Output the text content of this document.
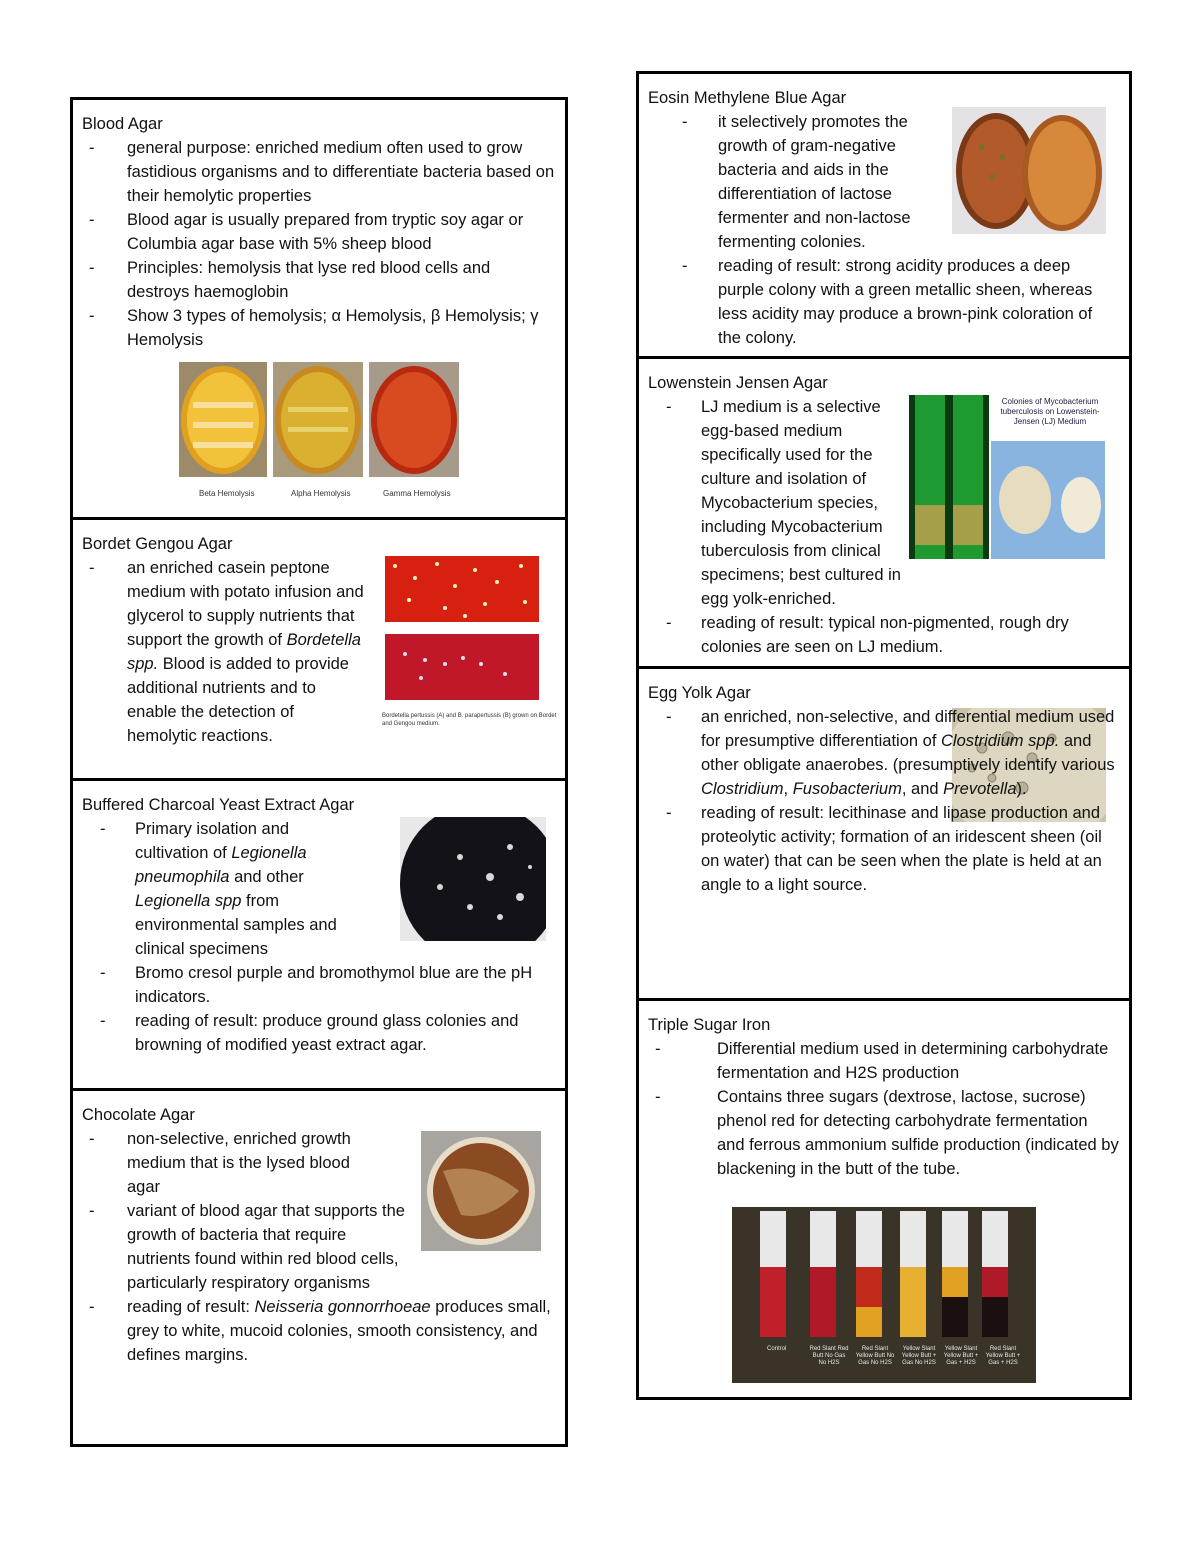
Blood Agar
- general purpose: enriched medium often used to grow fastidious organisms and to differentiate bacteria based on their hemolytic properties
- Blood agar is usually prepared from tryptic soy agar or Columbia agar base with 5% sheep blood
- Principles: hemolysis that lyse red blood cells and destroys haemoglobin
- Show 3 types of hemolysis; α Hemolysis, β Hemolysis; γ Hemolysis
Beta Hemolysis	Alpha Hemolysis	Gamma Hemolysis
Bordet Gengou Agar
Bordetella pertussis (A) and B. parapertussis (B) grown on Bordet and Gengou medium.
- an enriched casein peptone medium with potato infusion and glycerol to supply nutrients that support the growth of Bordetella spp. Blood is added to provide additional nutrients and to enable the detection of hemolytic reactions.
Buffered Charcoal Yeast Extract Agar
- Primary isolation and cultivation of Legionella pneumophila and other Legionella spp from environmental samples and clinical specimens
- Bromo cresol purple and bromothymol blue are the pH indicators.
- reading of result: produce ground glass colonies and browning of modified yeast extract agar.
Chocolate Agar
- non-selective, enriched growth medium that is the lysed blood agar
- variant of blood agar that supports the growth of bacteria that require nutrients found within red blood cells, particularly respiratory organisms
- reading of result: Neisseria gonnorrhoeae produces small, grey to white, mucoid colonies, smooth consistency, and defines margins.
Eosin Methylene Blue Agar
- it selectively promotes the growth of gram-negative bacteria and aids in the differentiation of lactose fermenter and non-lactose fermenting colonies.
- reading of result: strong acidity produces a deep purple colony with a green metallic sheen, whereas less acidity may produce a brown-pink coloration of the colony.
Lowenstein Jensen Agar
Colonies of Mycobacterium tuberculosis on Lowenstein-Jensen (LJ) Medium
- LJ medium is a selective egg-based medium specifically used for the culture and isolation of Mycobacterium species, including Mycobacterium tuberculosis from clinical specimens; best cultured in egg yolk-enriched.
- reading of result: typical non-pigmented, rough dry colonies are seen on LJ medium.
Egg Yolk Agar
- an enriched, non-selective, and differential medium used for presumptive differentiation of Clostridium spp. and other obligate anaerobes. (presumptively identify various Clostridium, Fusobacterium, and Prevotella).
- reading of result: lecithinase and lipase production and proteolytic activity; formation of an iridescent sheen (oil on water) that can be seen when the plate is held at an angle to a light source.
Triple Sugar Iron
- Differential medium used in determining carbohydrate fermentation and H2S production
- Contains three sugars (dextrose, lactose, sucrose) phenol red for detecting carbohydrate fermentation and ferrous ammonium sulfide production (indicated by blackening in the butt of the tube.
Control	Red Slant Red Butt No Gas No H2S
Red Slant Yellow Butt No Gas No H2S
Yellow Slant Yellow Butt + Gas No H2S
Yellow Slant Yellow Butt + Gas + H2S
Red Slant Yellow Butt + Gas + H2S
